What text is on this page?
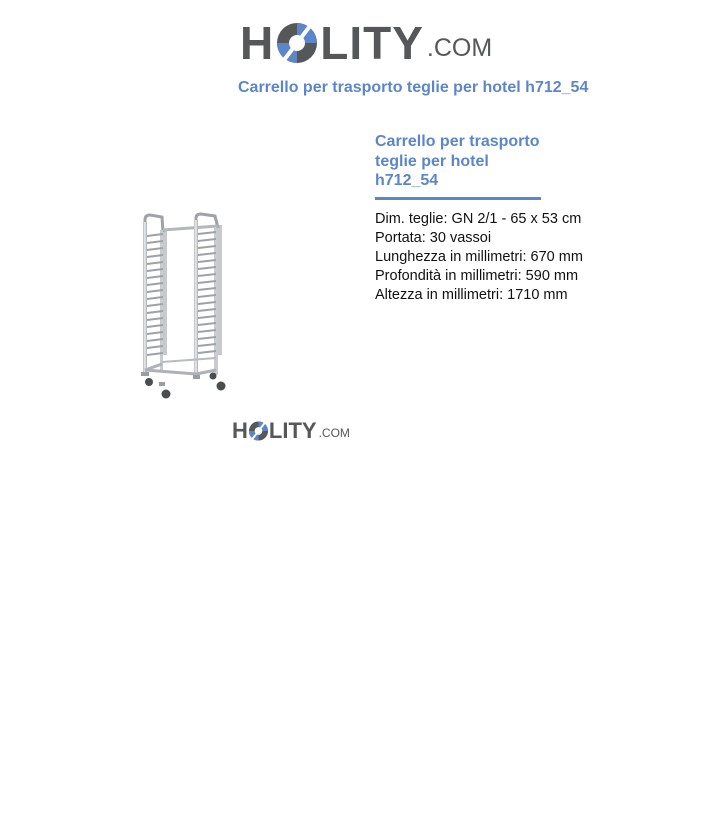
H LITY .COM
Carrello per trasporto teglie per hotel h712_54
H LITY .COM
Carrello per trasporto teglie per hotel h712_54
Dim. teglie: GN 2/1 - 65 x 53 cm
Portata: 30 vassoi
Lunghezza in millimetri: 670 mm
Profondità in millimetri: 590 mm
Altezza in millimetri: 1710 mm
